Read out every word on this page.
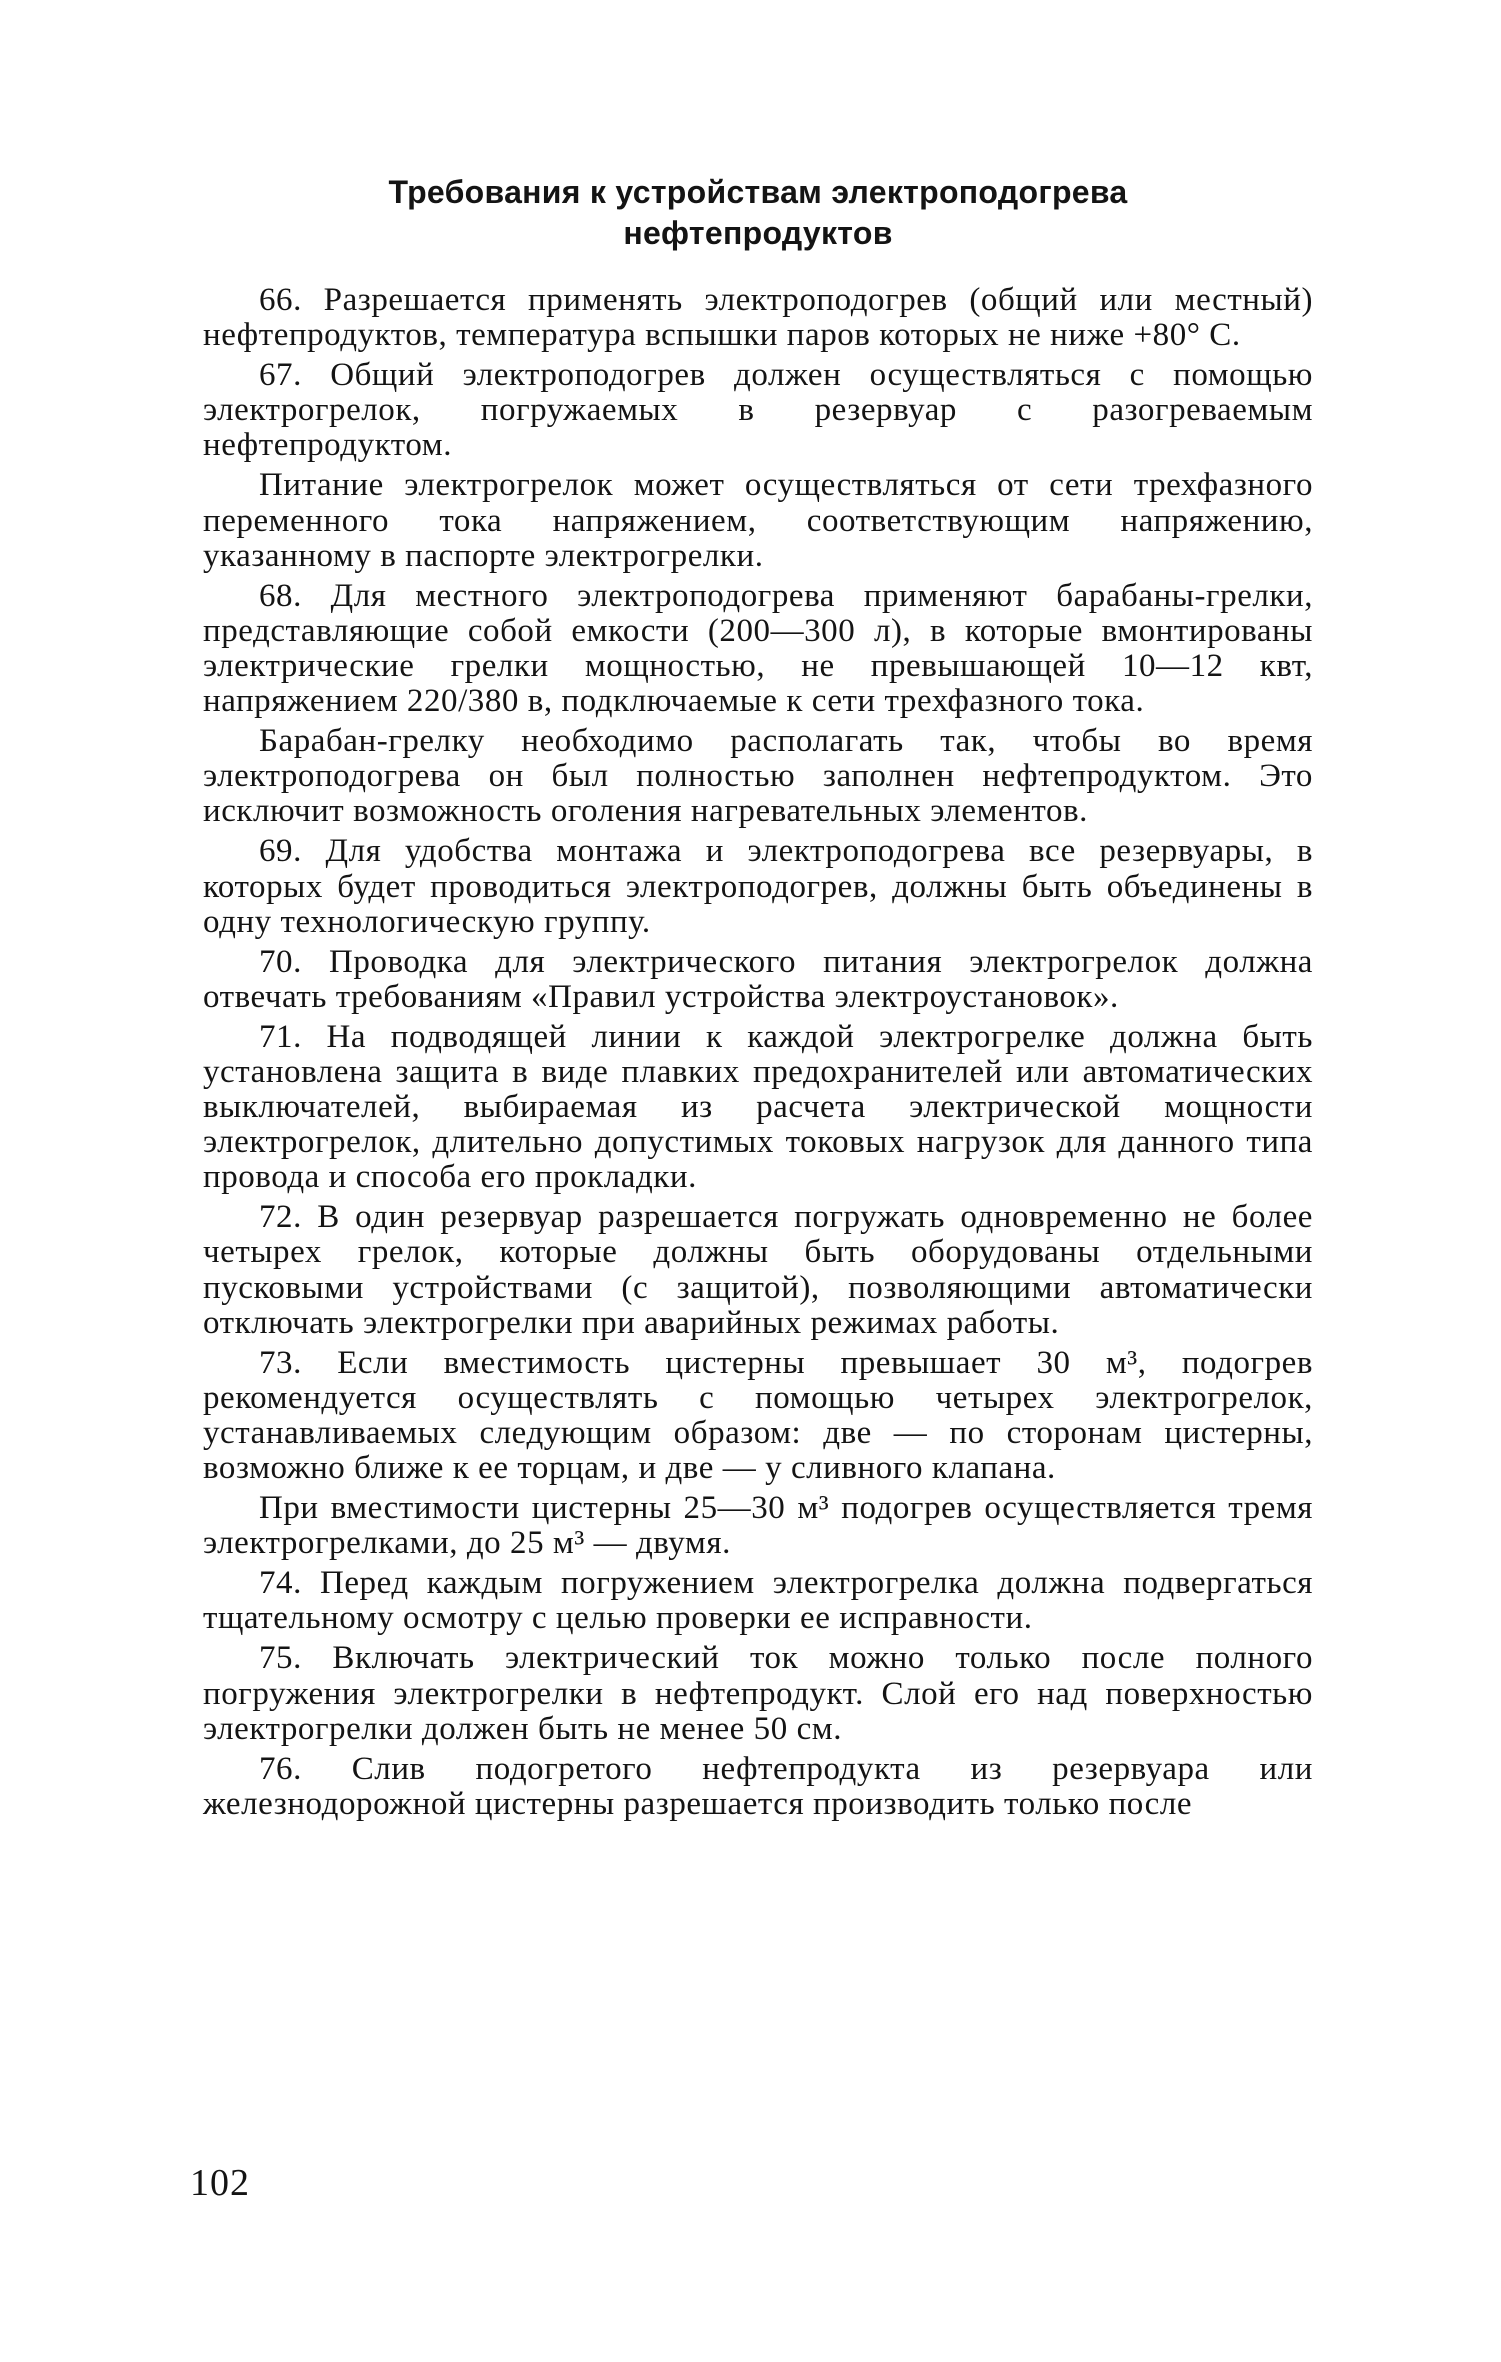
Требования к устройствам электроподогрева
нефтепродуктов

66. Разрешается применять электроподогрев (общий или местный) нефтепродуктов, температура вспышки паров которых не ниже +80° С.

67. Общий электроподогрев должен осуществляться с помощью электрогрелок, погружаемых в резервуар с разогреваемым нефтепродуктом.

Питание электрогрелок может осуществляться от сети трехфазного переменного тока напряжением, соответствующим напряжению, указанному в паспорте электрогрелки.

68. Для местного электроподогрева применяют барабаны-грелки, представляющие собой емкости (200—300 л), в которые вмонтированы электрические грелки мощностью, не превышающей 10—12 квт, напряжением 220/380 в, подключаемые к сети трехфазного тока.

Барабан-грелку необходимо располагать так, чтобы во время электроподогрева он был полностью заполнен нефтепродуктом. Это исключит возможность оголения нагревательных элементов.

69. Для удобства монтажа и электроподогрева все резервуары, в которых будет проводиться электроподогрев, должны быть объединены в одну технологическую группу.

70. Проводка для электрического питания электрогрелок должна отвечать требованиям «Правил устройства электроустановок».

71. На подводящей линии к каждой электрогрелке должна быть установлена защита в виде плавких предохранителей или автоматических выключателей, выбираемая из расчета электрической мощности электрогрелок, длительно допустимых токовых нагрузок для данного типа провода и способа его прокладки.

72. В один резервуар разрешается погружать одновременно не более четырех грелок, которые должны быть оборудованы отдельными пусковыми устройствами (с защитой), позволяющими автоматически отключать электрогрелки при аварийных режимах работы.

73. Если вместимость цистерны превышает 30 м³, подогрев рекомендуется осуществлять с помощью четырех электрогрелок, устанавливаемых следующим образом: две — по сторонам цистерны, возможно ближе к ее торцам, и две — у сливного клапана.

При вместимости цистерны 25—30 м³ подогрев осуществляется тремя электрогрелками, до 25 м³ — двумя.

74. Перед каждым погружением электрогрелка должна подвергаться тщательному осмотру с целью проверки ее исправности.

75. Включать электрический ток можно только после полного погружения электрогрелки в нефтепродукт. Слой его над поверхностью электрогрелки должен быть не менее 50 см.

76. Слив подогретого нефтепродукта из резервуара или железнодорожной цистерны разрешается производить только после

102
